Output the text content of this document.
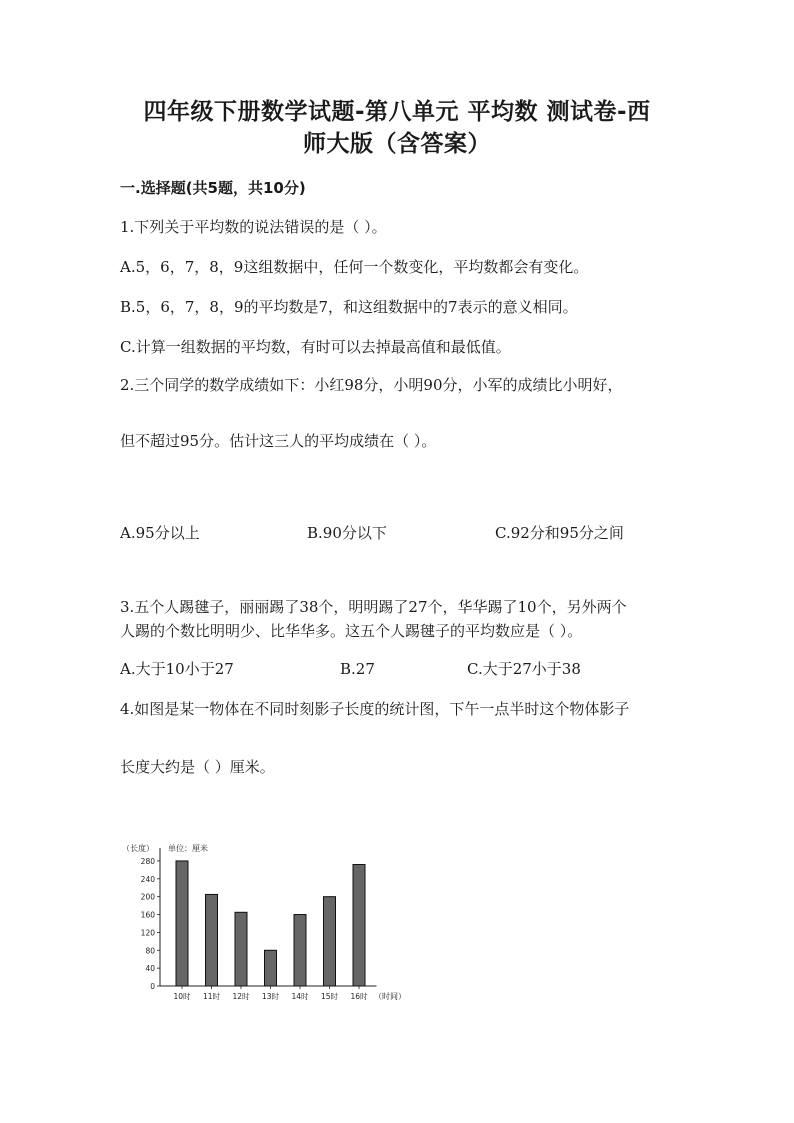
四年级下册数学试题-第八单元 平均数 测试卷-西
师大版（含答案）
一.选择题(共5题，共10分)
1.下列关于平均数的说法错误的是（ ）。
A.5，6，7，8，9这组数据中，任何一个数变化，平均数都会有变化。
B.5，6，7，8，9的平均数是7，和这组数据中的7表示的意义相同。
C.计算一组数据的平均数，有时可以去掉最高值和最低值。
2.三个同学的数学成绩如下：小红98分，小明90分，小军的成绩比小明好，
但不超过95分。估计这三人的平均成绩在（ ）。
A.95分以上	B.90分以下	C.92分和95分之间
3.五个人踢毽子，丽丽踢了38个，明明踢了27个，华华踢了10个，另外两个
人踢的个数比明明少、比华华多。这五个人踢毽子的平均数应是（ ）。
A.大于10小于27	B.27	C.大于27小于38
4.如图是某一物体在不同时刻影子长度的统计图，下午一点半时这个物体影子
长度大约是（ ）厘米。
（长度） 单位：厘米
（时间）
0
40
80
120
160
200
240
280
10时 11时 12时 13时 14时 15时 16时
